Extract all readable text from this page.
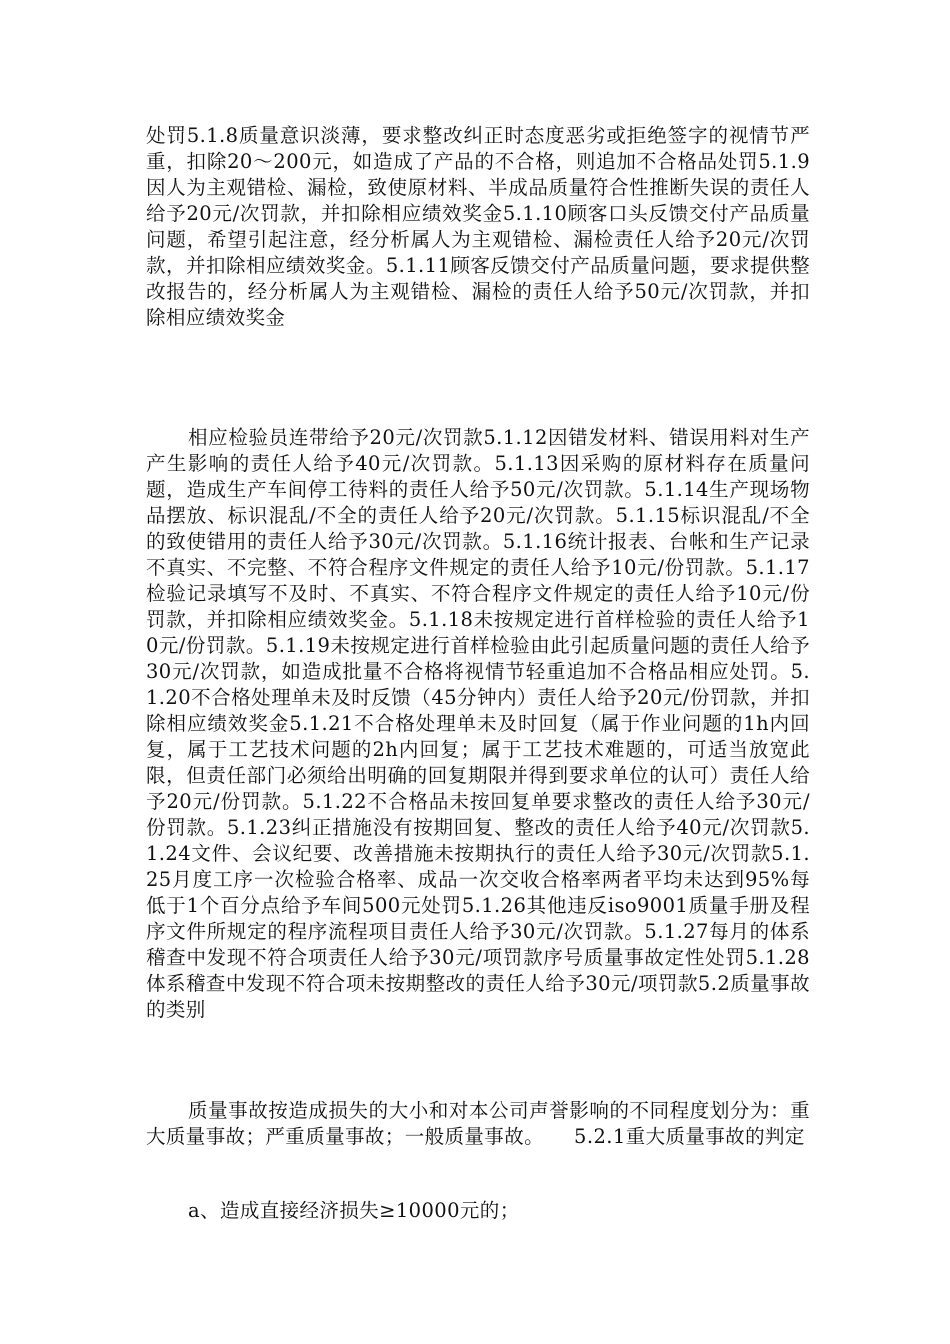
处罚5.1.8质量意识淡薄，要求整改纠正时态度恶劣或拒绝签字的视情节严重，扣除20～200元，如造成了产品的不合格，则追加不合格品处罚5.1.9因人为主观错检、漏检，致使原材料、半成品质量符合性推断失误的责任人给予20元/次罚款，并扣除相应绩效奖金5.1.10顾客口头反馈交付产品质量问题，希望引起注意，经分析属人为主观错检、漏检责任人给予20元/次罚款，并扣除相应绩效奖金。5.1.11顾客反馈交付产品质量问题，要求提供整改报告的，经分析属人为主观错检、漏检的责任人给予50元/次罚款，并扣除相应绩效奖金

相应检验员连带给予20元/次罚款5.1.12因错发材料、错误用料对生产产生影响的责任人给予40元/次罚款。5.1.13因采购的原材料存在质量问题，造成生产车间停工待料的责任人给予50元/次罚款。5.1.14生产现场物品摆放、标识混乱/不全的责任人给予20元/次罚款。5.1.15标识混乱/不全的致使错用的责任人给予30元/次罚款。5.1.16统计报表、台帐和生产记录不真实、不完整、不符合程序文件规定的责任人给予10元/份罚款。5.1.17检验记录填写不及时、不真实、不符合程序文件规定的责任人给予10元/份罚款，并扣除相应绩效奖金。5.1.18未按规定进行首样检验的责任人给予10元/份罚款。5.1.19未按规定进行首样检验由此引起质量问题的责任人给予30元/次罚款，如造成批量不合格将视情节轻重追加不合格品相应处罚。5.1.20不合格处理单未及时反馈（45分钟内）责任人给予20元/份罚款，并扣除相应绩效奖金5.1.21不合格处理单未及时回复（属于作业问题的1h内回复，属于工艺技术问题的2h内回复；属于工艺技术难题的，可适当放宽此限，但责任部门必须给出明确的回复期限并得到要求单位的认可）责任人给予20元/份罚款。5.1.22不合格品未按回复单要求整改的责任人给予30元/份罚款。5.1.23纠正措施没有按期回复、整改的责任人给予40元/次罚款5.1.24文件、会议纪要、改善措施未按期执行的责任人给予30元/次罚款5.1.25月度工序一次检验合格率、成品一次交收合格率两者平均未达到95%每低于1个百分点给予车间500元处罚5.1.26其他违反iso9001质量手册及程序文件所规定的程序流程项目责任人给予30元/次罚款。5.1.27每月的体系稽查中发现不符合项责任人给予30元/项罚款序号质量事故定性处罚5.1.28体系稽查中发现不符合项未按期整改的责任人给予30元/项罚款5.2质量事故的类别

质量事故按造成损失的大小和对本公司声誉影响的不同程度划分为：重大质量事故；严重质量事故；一般质量事故。　　5.2.1重大质量事故的判定

a、造成直接经济损失≥10000元的；
